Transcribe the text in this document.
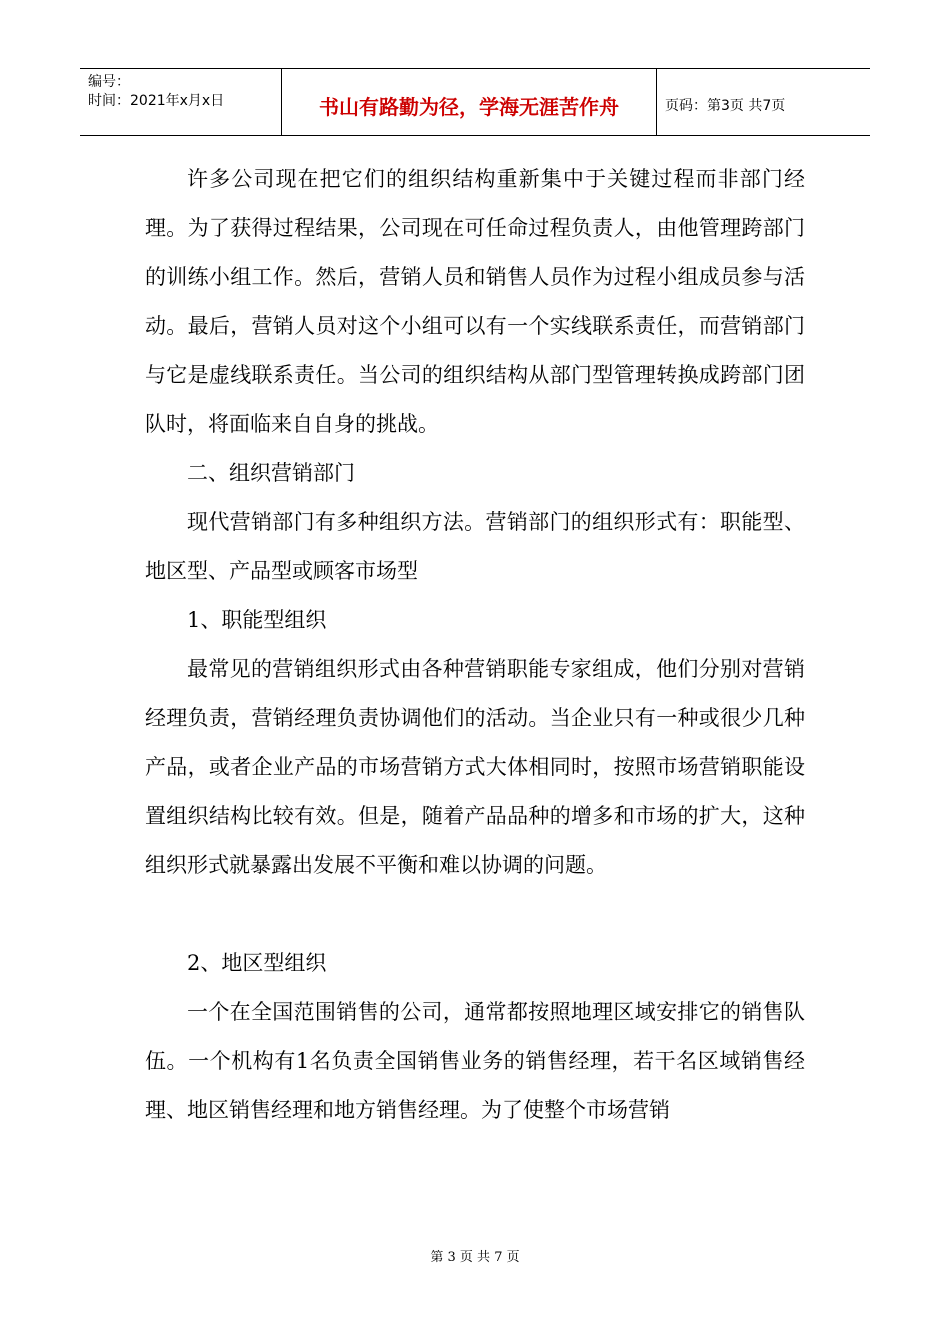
编号：
时间：2021年x月x日	书山有路勤为径，学海无涯苦作舟	页码：第3页 共7页

许多公司现在把它们的组织结构重新集中于关键过程而非部门经理。为了获得过程结果，公司现在可任命过程负责人，由他管理跨部门的训练小组工作。然后，营销人员和销售人员作为过程小组成员参与活动。最后，营销人员对这个小组可以有一个实线联系责任，而营销部门与它是虚线联系责任。当公司的组织结构从部门型管理转换成跨部门团队时，将面临来自自身的挑战。

二、组织营销部门

现代营销部门有多种组织方法。营销部门的组织形式有：职能型、地区型、产品型或顾客市场型

1、职能型组织

最常见的营销组织形式由各种营销职能专家组成，他们分别对营销经理负责，营销经理负责协调他们的活动。当企业只有一种或很少几种产品，或者企业产品的市场营销方式大体相同时，按照市场营销职能设置组织结构比较有效。但是，随着产品品种的增多和市场的扩大，这种组织形式就暴露出发展不平衡和难以协调的问题。

2、地区型组织

一个在全国范围销售的公司，通常都按照地理区域安排它的销售队伍。一个机构有1名负责全国销售业务的销售经理，若干名区域销售经理、地区销售经理和地方销售经理。为了使整个市场营销

第 3 页 共 7 页
